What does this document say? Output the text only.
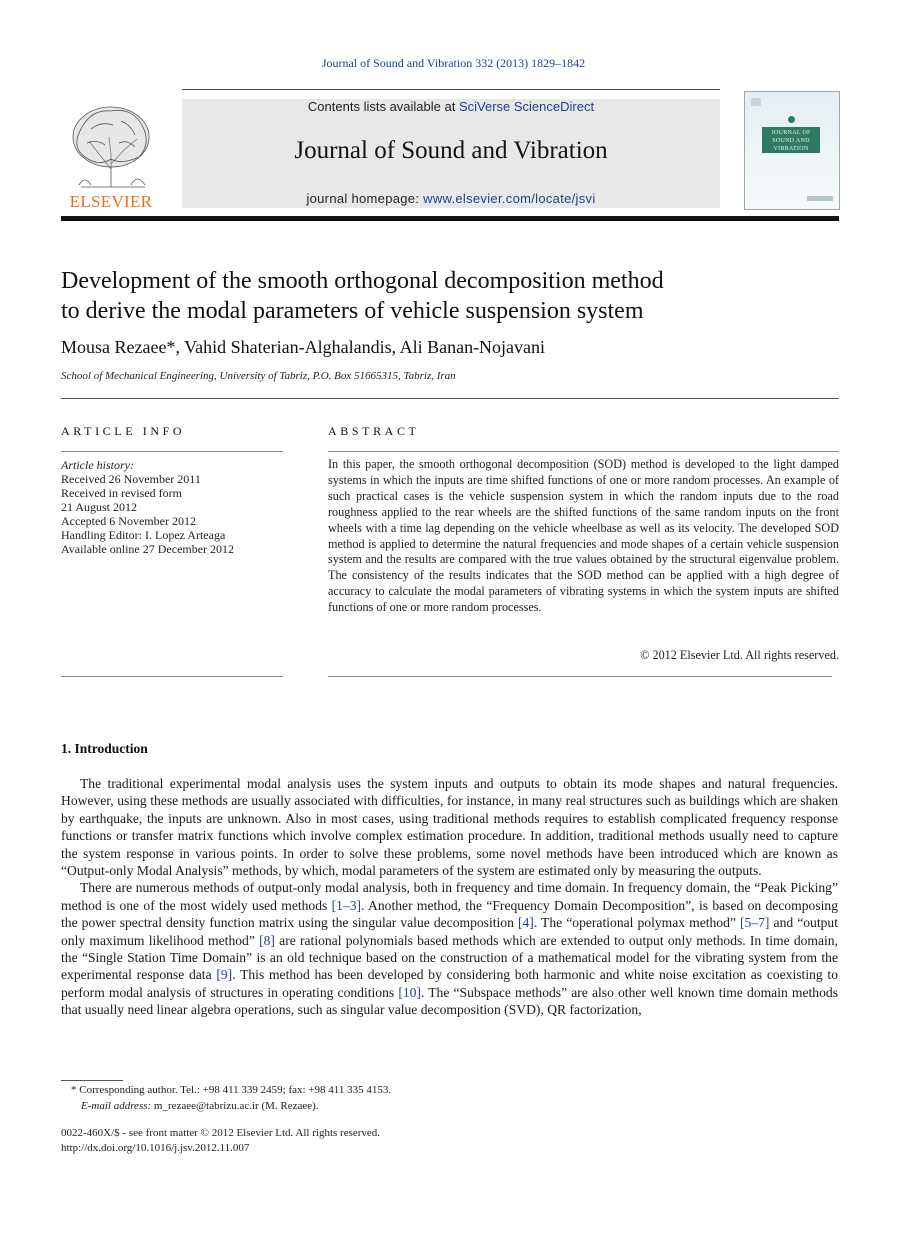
Journal of Sound and Vibration 332 (2013) 1829–1842
ELSEVIER
Contents lists available at SciVerse ScienceDirect
Journal of Sound and Vibration
journal homepage: www.elsevier.com/locate/jsvi
JOURNAL OF SOUND AND VIBRATION
Development of the smooth orthogonal decomposition method
to derive the modal parameters of vehicle suspension system
Mousa Rezaee*, Vahid Shaterian-Alghalandis, Ali Banan-Nojavani
School of Mechanical Engineering, University of Tabriz, P.O. Box 51665315, Tabriz, Iran
ARTICLE INFO
Article history:
Received 26 November 2011
Received in revised form
21 August 2012
Accepted 6 November 2012
Handling Editor: I. Lopez Arteaga
Available online 27 December 2012
ABSTRACT
In this paper, the smooth orthogonal decomposition (SOD) method is developed to the light damped systems in which the inputs are time shifted functions of one or more random processes. An example of such practical cases is the vehicle suspension system in which the random inputs due to the road roughness applied to the rear wheels are the shifted functions of the same random inputs on the front wheels with a time lag depending on the vehicle wheelbase as well as its velocity. The developed SOD method is applied to determine the natural frequencies and mode shapes of a certain vehicle suspension system and the results are compared with the true values obtained by the structural eigenvalue problem. The consistency of the results indicates that the SOD method can be applied with a high degree of accuracy to calculate the modal parameters of vibrating systems in which the system inputs are shifted functions of one or more random processes.
© 2012 Elsevier Ltd. All rights reserved.
1. Introduction

The traditional experimental modal analysis uses the system inputs and outputs to obtain its mode shapes and natural frequencies. However, using these methods are usually associated with difficulties, for instance, in many real structures such as buildings which are shaken by earthquake, the inputs are unknown. Also in most cases, using traditional methods requires to establish complicated frequency response functions or transfer matrix functions which involve complex estimation procedure. In addition, traditional methods usually need to capture the system response in various points. In order to solve these problems, some novel methods have been introduced which are known as “Output-only Modal Analysis” methods, by which, modal parameters of the system are estimated only by measuring the outputs.

There are numerous methods of output-only modal analysis, both in frequency and time domain. In frequency domain, the “Peak Picking” method is one of the most widely used methods [1–3]. Another method, the “Frequency Domain Decomposition”, is based on decomposing the power spectral density function matrix using the singular value decomposition [4]. The “operational polymax method” [5–7] and “output only maximum likelihood method” [8] are rational polynomials based methods which are extended to output only methods. In time domain, the “Single Station Time Domain” is an old technique based on the construction of a mathematical model for the vibrating system from the experimental response data [9]. This method has been developed by considering both harmonic and white noise excitation as coexisting to perform modal analysis of structures in operating conditions [10]. The “Subspace methods” are also other well known time domain methods that usually need linear algebra operations, such as singular value decomposition (SVD), QR factorization,

* Corresponding author. Tel.: +98 411 339 2459; fax: +98 411 335 4153.
E-mail address: m_rezaee@tabrizu.ac.ir (M. Rezaee).
0022-460X/$ - see front matter © 2012 Elsevier Ltd. All rights reserved.
http://dx.doi.org/10.1016/j.jsv.2012.11.007
